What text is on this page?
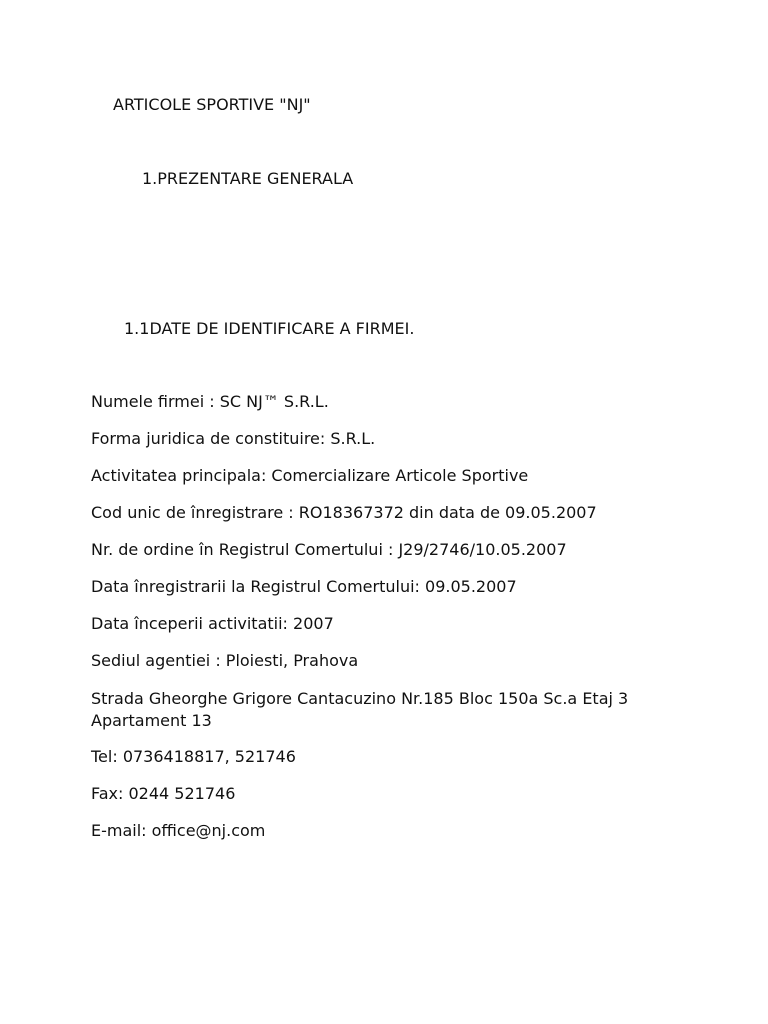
ARTICOLE SPORTIVE "NJ"
1.PREZENTARE GENERALA
1.1DATE DE IDENTIFICARE A FIRMEI.
Numele firmei : SC NJ™ S.R.L.
Forma juridica de constituire: S.R.L.
Activitatea principala: Comercializare Articole Sportive
Cod unic de înregistrare : RO18367372 din data de 09.05.2007
Nr. de ordine în Registrul Comertului : J29/2746/10.05.2007
Data înregistrarii la Registrul Comertului: 09.05.2007
Data începerii activitatii: 2007
Sediul agentiei : Ploiesti, Prahova
Strada Gheorghe Grigore Cantacuzino Nr.185 Bloc 150a Sc.a Etaj 3 Apartament 13
Tel: 0736418817, 521746
Fax: 0244 521746
E-mail: office@nj.com
